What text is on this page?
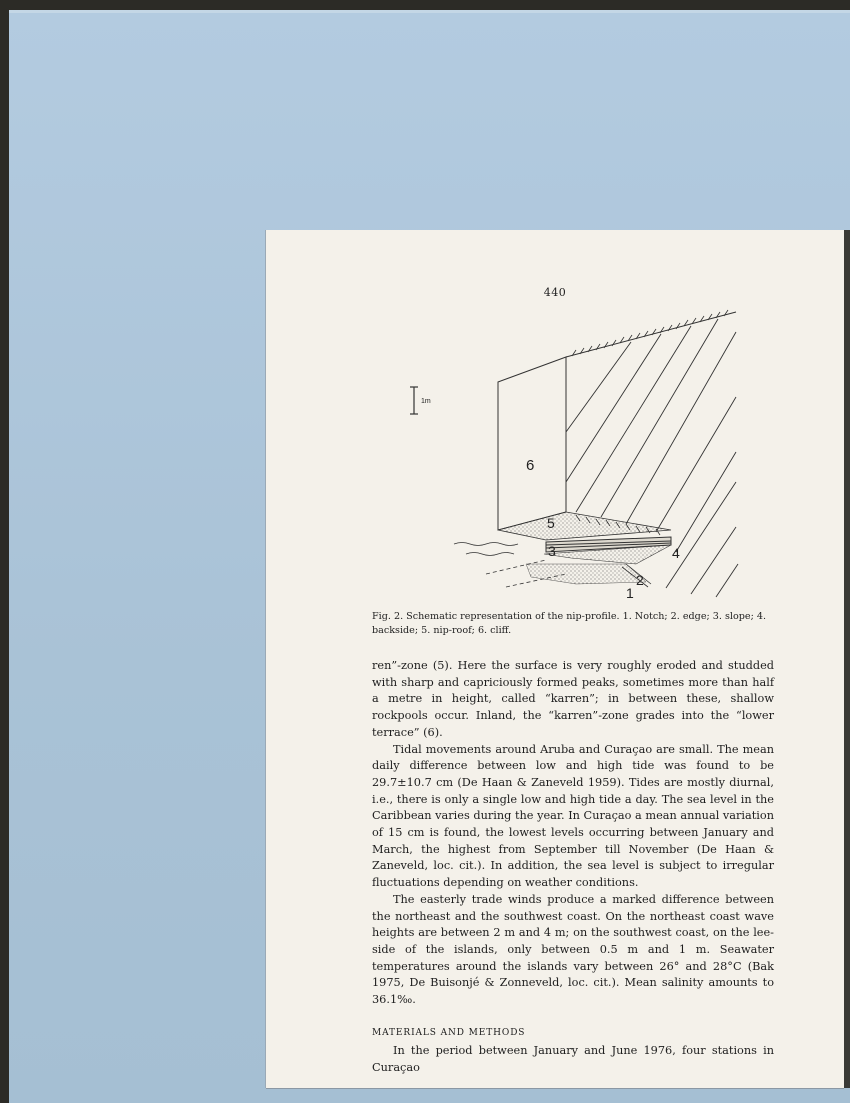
440
1m
6
5
3	4
2
1
Fig. 2. Schematic representation of the nip-profile. 1. Notch; 2. edge; 3. slope; 4. backside; 5. nip-roof; 6. cliff.

ren”-zone (5). Here the surface is very roughly eroded and studded with sharp and capriciously formed peaks, sometimes more than half a metre in height, called “karren”; in between these, shallow rockpools occur. Inland, the “karren”-zone grades into the “lower terrace” (6).

Tidal movements around Aruba and Curaçao are small. The mean daily difference between low and high tide was found to be 29.7±10.7 cm (De Haan & Zaneveld 1959). Tides are mostly diurnal, i.e., there is only a single low and high tide a day. The sea level in the Caribbean varies during the year. In Curaçao a mean annual variation of 15 cm is found, the lowest levels occurring between January and March, the highest from September till November (De Haan & Zaneveld, loc. cit.). In addition, the sea level is subject to irregular fluctuations depending on weather conditions.

The easterly trade winds produce a marked difference between the northeast and the southwest coast. On the northeast coast wave heights are between 2 m and 4 m; on the southwest coast, on the lee-side of the islands, only between 0.5 m and 1 m. Seawater temperatures around the islands vary between 26° and 28°C (Bak 1975, De Buisonjé & Zonneveld, loc. cit.). Mean salinity amounts to 36.1‰.

MATERIALS AND METHODS

In the period between January and June 1976, four stations in Curaçao
